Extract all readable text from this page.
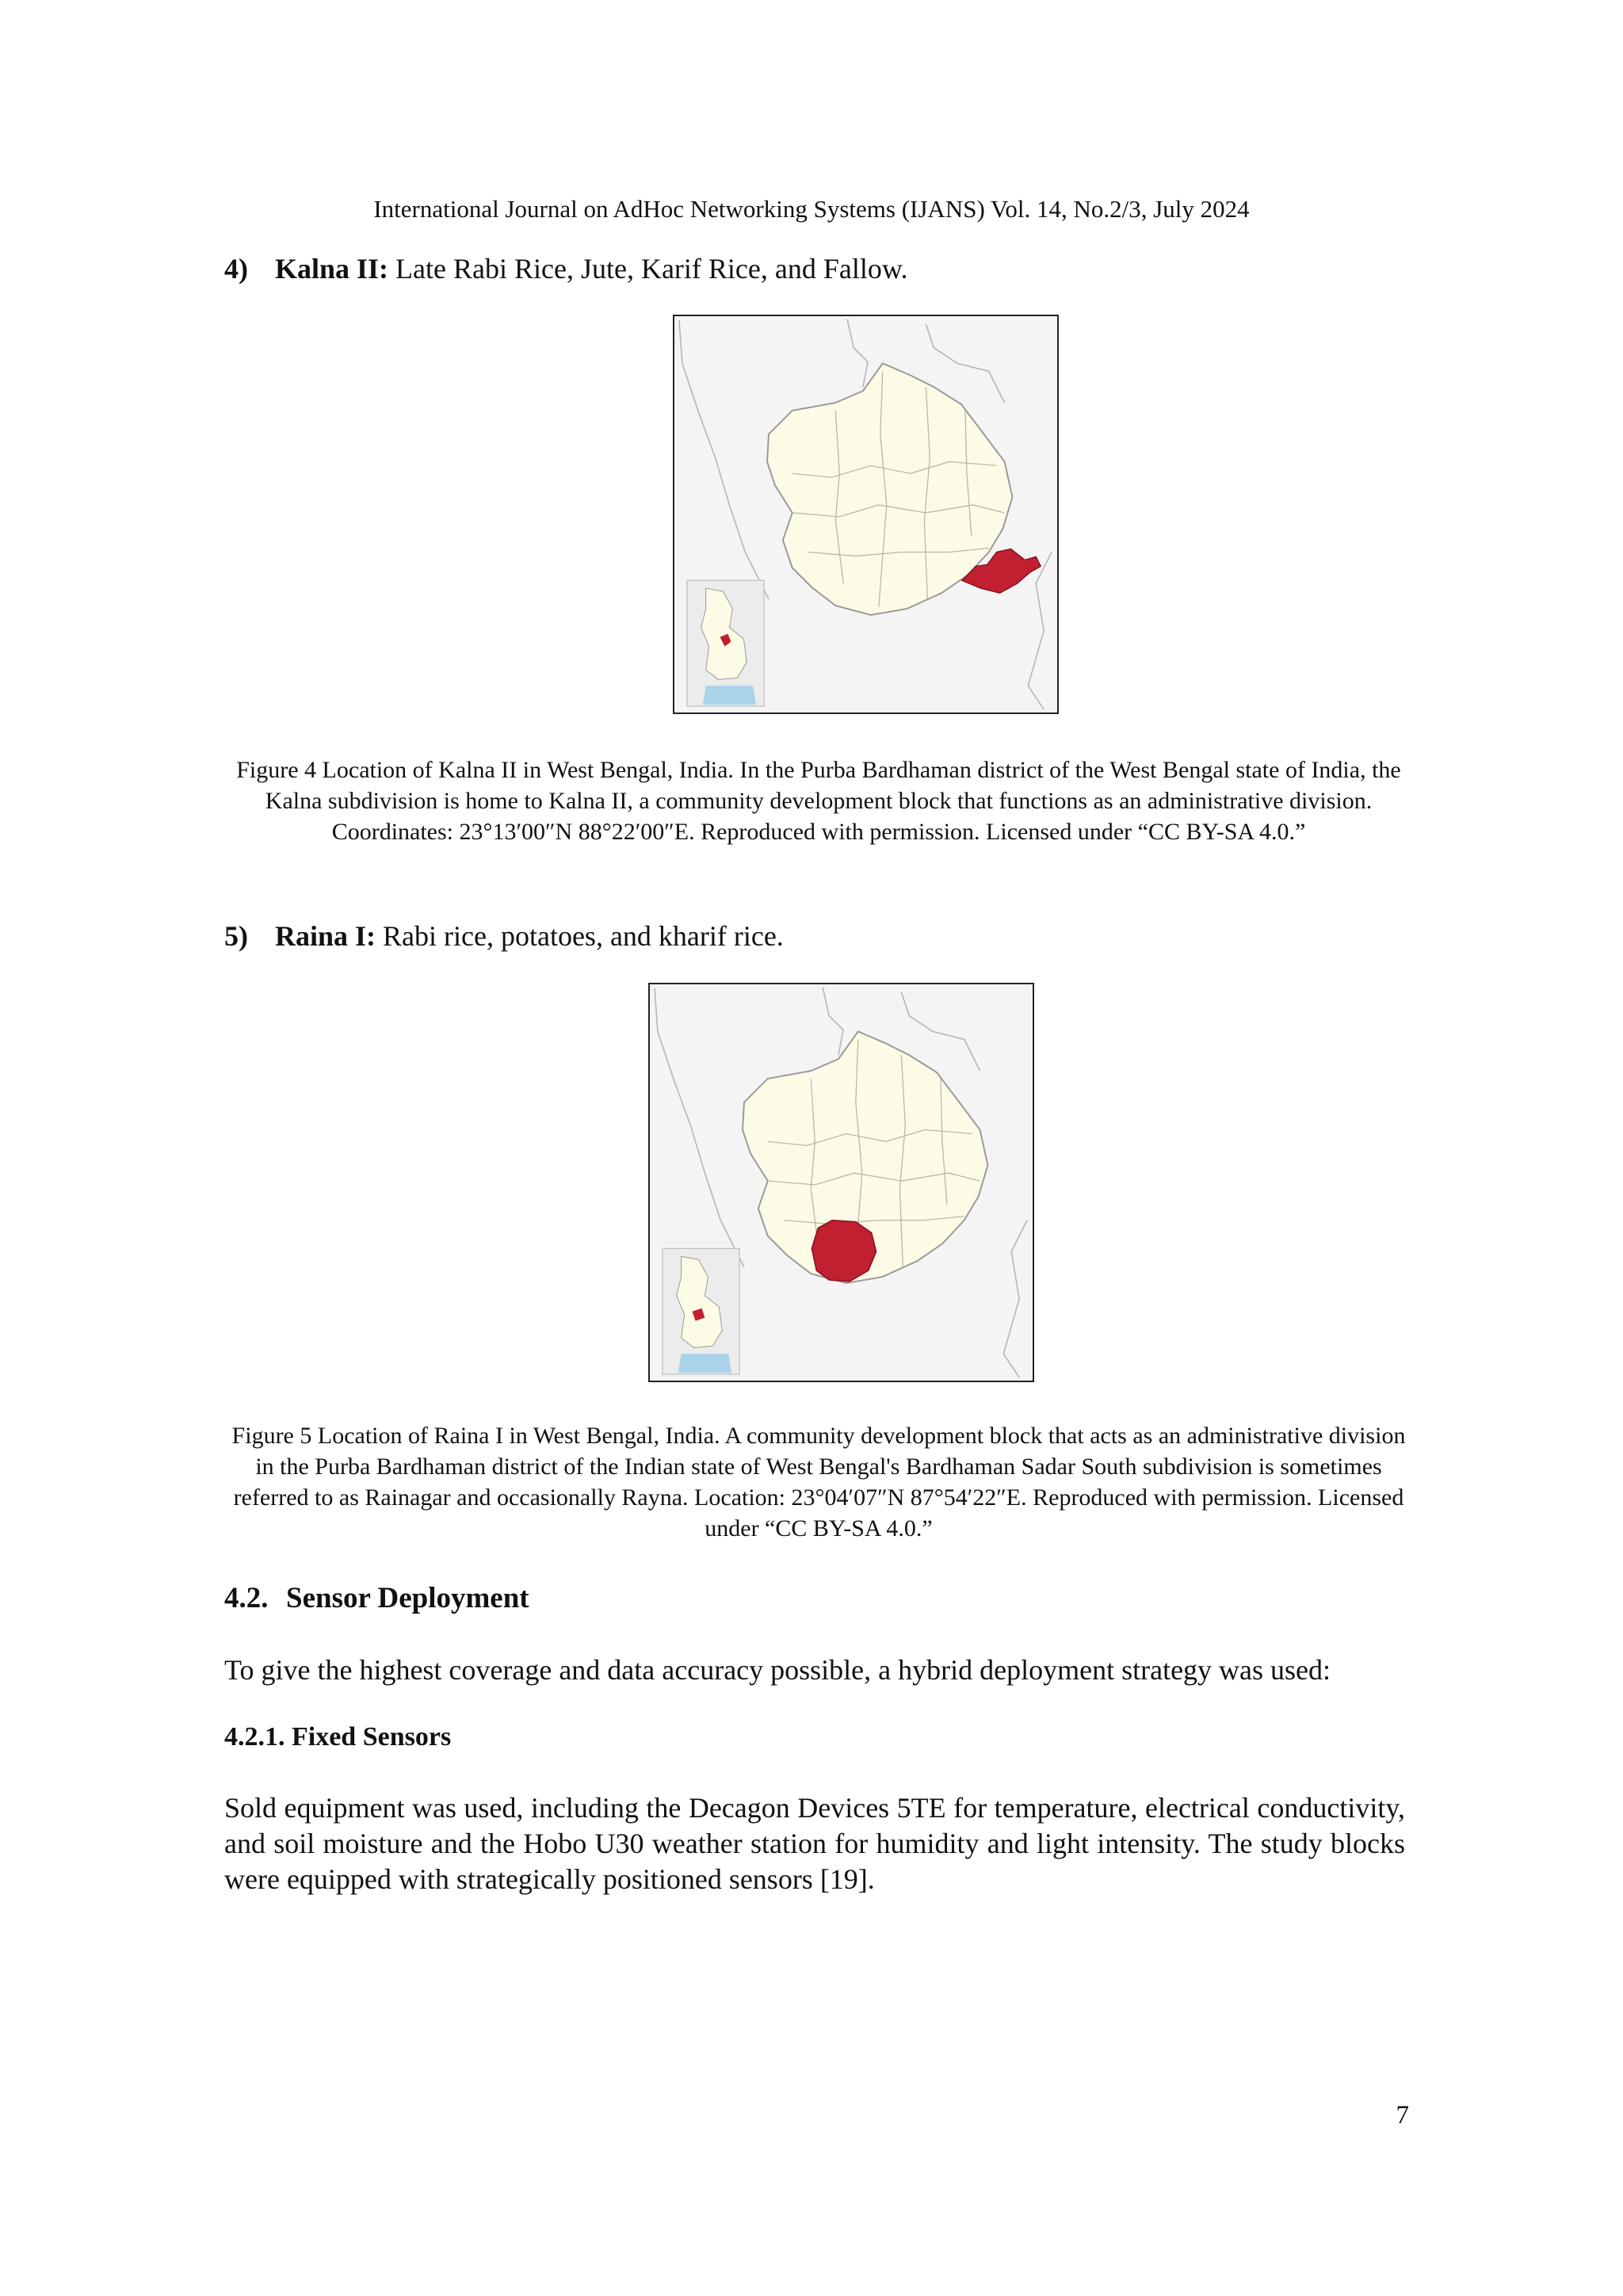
International Journal on AdHoc Networking Systems (IJANS) Vol. 14, No.2/3, July 2024
4) Kalna II: Late Rabi Rice, Jute, Karif Rice, and Fallow.
Figure 4 Location of Kalna II in West Bengal, India. In the Purba Bardhaman district of the West Bengal state of India, the Kalna subdivision is home to Kalna II, a community development block that functions as an administrative division. Coordinates: 23°13′00″N 88°22′00″E. Reproduced with permission. Licensed under “CC BY-SA 4.0.”
5) Raina I: Rabi rice, potatoes, and kharif rice.
Figure 5 Location of Raina I in West Bengal, India. A community development block that acts as an administrative division in the Purba Bardhaman district of the Indian state of West Bengal's Bardhaman Sadar South subdivision is sometimes referred to as Rainagar and occasionally Rayna. Location: 23°04′07″N 87°54′22″E. Reproduced with permission. Licensed under “CC BY-SA 4.0.”
4.2. Sensor Deployment
To give the highest coverage and data accuracy possible, a hybrid deployment strategy was used:
4.2.1. Fixed Sensors
Sold equipment was used, including the Decagon Devices 5TE for temperature, electrical conductivity, and soil moisture and the Hobo U30 weather station for humidity and light intensity. The study blocks were equipped with strategically positioned sensors [19].
7
